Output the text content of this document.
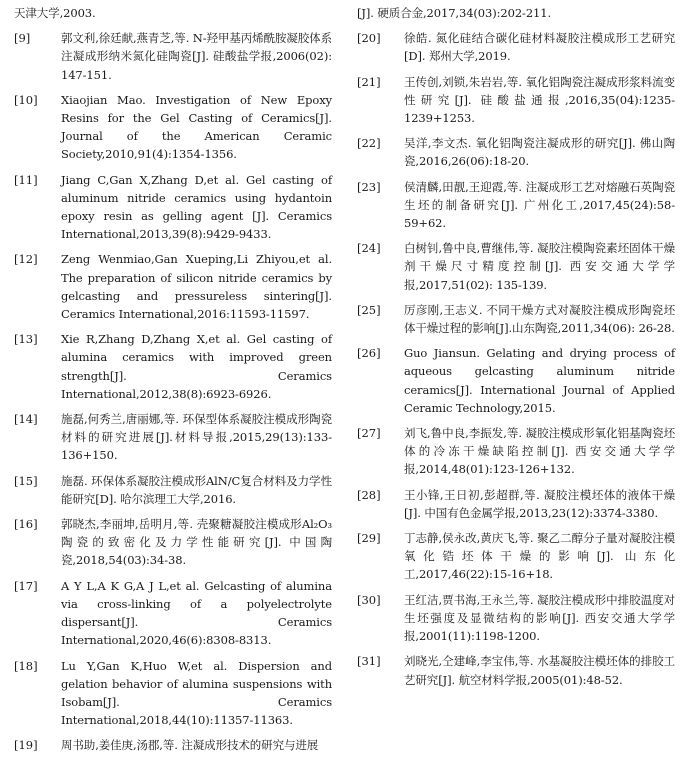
天津大学,2003.
[9]	郭文利,徐廷献,燕青芝,等. N-羟甲基丙烯酰胺凝胶体系注凝成形纳米氮化硅陶瓷[J]. 硅酸盐学报,2006(02): 147-151.
[10]	Xiaojian Mao. Investigation of New Epoxy Resins for the Gel Casting of Ceramics[J]. Journal of the American Ceramic Society,2010,91(4):1354-1356.
[11]	Jiang C,Gan X,Zhang D,et al. Gel casting of aluminum nitride ceramics using hydantoin epoxy resin as gelling agent [J]. Ceramics International,2013,39(8):9429-9433.
[12]	Zeng Wenmiao,Gan Xueping,Li Zhiyou,et al. The preparation of silicon nitride ceramics by gelcasting and pressureless sintering[J]. Ceramics International,2016:11593-11597.
[13]	Xie R,Zhang D,Zhang X,et al. Gel casting of alumina ceramics with improved green strength[J]. Ceramics International,2012,38(8):6923-6926.
[14]	施磊,何秀兰,唐丽娜,等. 环保型体系凝胶注模成形陶瓷材料的研究进展[J].材料导报,2015,29(13):133-136+150.
[15]	施磊. 环保体系凝胶注模成形AlN/C复合材料及力学性能研究[D]. 哈尔滨理工大学,2016.
[16]	郭晓杰,李丽坤,岳明月,等. 壳聚糖凝胶注模成形Al₂O₃陶瓷的致密化及力学性能研究[J]. 中国陶瓷,2018,54(03):34-38.
[17]	A Y L,A K G,A J L,et al. Gelcasting of alumina via cross-linking of a polyelectrolyte dispersant[J]. Ceramics International,2020,46(6):8308-8313.
[18]	Lu Y,Gan K,Huo W,et al. Dispersion and gelation behavior of alumina suspensions with Isobam[J]. Ceramics International,2018,44(10):11357-11363.
[19]	周书助,姜佳庚,汤郡,等. 注凝成形技术的研究与进展
[J]. 硬质合金,2017,34(03):202-211.
[20]	徐皓. 氮化硅结合碳化硅材料凝胶注模成形工艺研究[D]. 郑州大学,2019.
[21]	王传创,刘锁,朱岩岩,等. 氧化铝陶瓷注凝成形浆料流变性研究[J]. 硅酸盐通报,2016,35(04):1235-1239+1253.
[22]	吴洋,李文杰. 氧化铝陶瓷注凝成形的研究[J]. 佛山陶瓷,2016,26(06):18-20.
[23]	侯清麟,田靓,王迎霞,等. 注凝成形工艺对熔融石英陶瓷生坯的制备研究[J]. 广州化工,2017,45(24):58-59+62.
[24]	白树钊,鲁中良,曹继伟,等. 凝胶注模陶瓷素坯固体干燥剂干燥尺寸精度控制[J]. 西安交通大学学报,2017,51(02): 135-139.
[25]	厉彦刚,王志义. 不同干燥方式对凝胶注模成形陶瓷坯体干燥过程的影响[J].山东陶瓷,2011,34(06): 26-28.
[26]	Guo Jiansun. Gelating and drying process of aqueous gelcasting aluminum nitride ceramics[J]. International Journal of Applied Ceramic Technology,2015.
[27]	刘飞,鲁中良,李振发,等. 凝胶注模成形氧化铝基陶瓷坯体的冷冻干燥缺陷控制[J]. 西安交通大学学报,2014,48(01):123-126+132.
[28]	王小锋,王日初,彭超群,等. 凝胶注模坯体的液体干燥[J]. 中国有色金属学报,2013,23(12):3374-3380.
[29]	丁志静,侯永改,黄庆飞,等. 聚乙二醇分子量对凝胶注模氧化锆坯体干燥的影响[J]. 山东化工,2017,46(22):15-16+18.
[30]	王红洁,贾书海,王永兰,等. 凝胶注模成形中排胶温度对生坯强度及显微结构的影响[J]. 西安交通大学学报,2001(11):1198-1200.
[31]	刘晓光,仝建峰,李宝伟,等. 水基凝胶注模坯体的排胶工艺研究[J]. 航空材料学报,2005(01):48-52.
